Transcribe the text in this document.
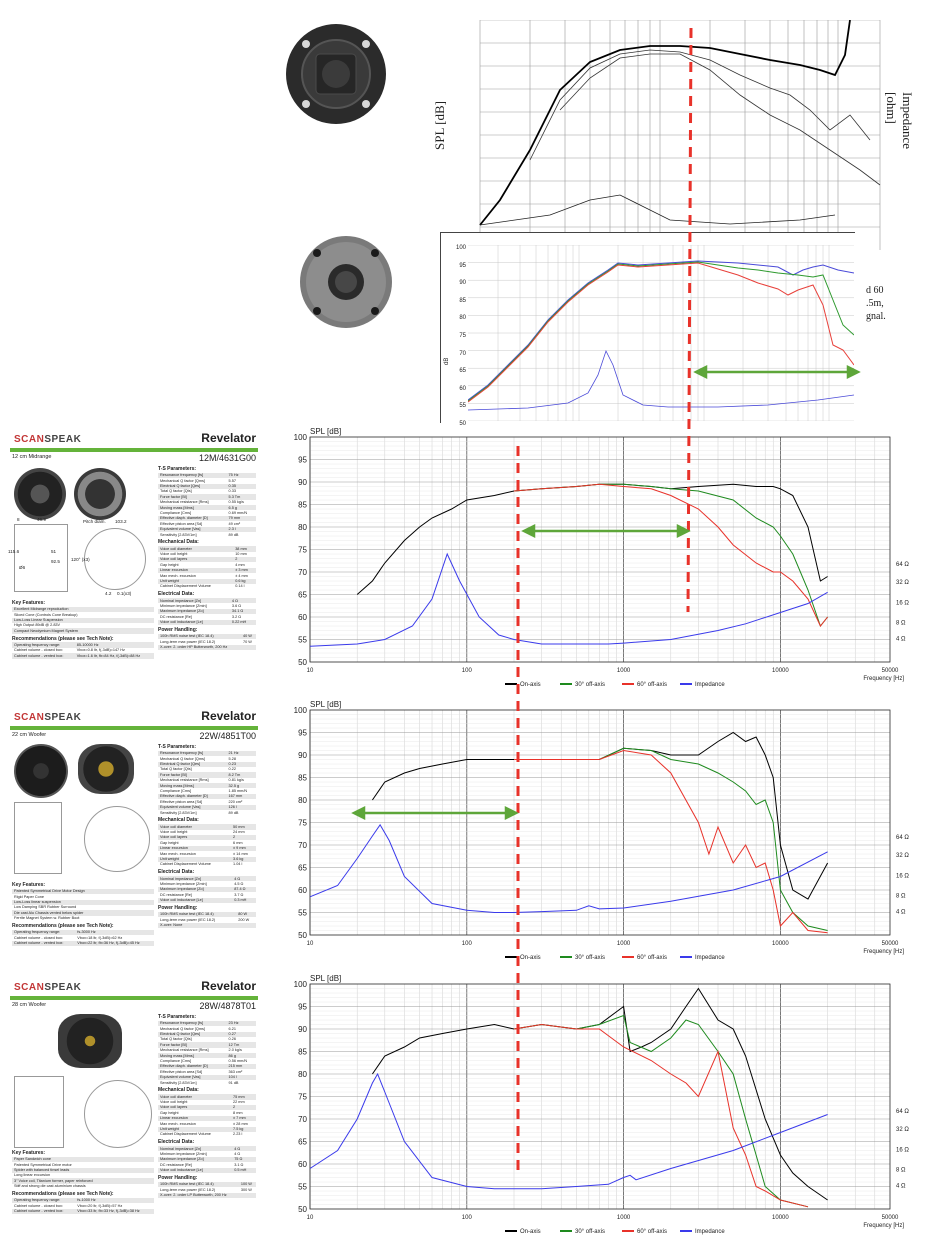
SPL [dB]	Impedance [ohm]
d 60
.5m,
gnal.
100
95
90
85
80
75
70
65
60
55
50
dB
SCANSPEAK	Revelator
12 cm Midrange	12M/4631G00
8	46.9
115.6
Ø6
51
92.5
Pitch diam. 103.2
120° (x3)
4.2 0.1(x3)
Key Features:
Excellent Midrange reproduction
Sliced Cone (Controls Cone Breakup)
Low-Loss Linear Suspension
High Output 89dB @ 2.83V
Compact Neodymium Magnet System
Recommendations (please see Tech Note):
Operating frequency range:	85-10000 Hz
Cabinet volume - closed box:	Vbox=0.8 ltr, f(-3dB)=147 Hz
Cabinet volume - vented box:	Vbox=1.6 ltr, fb=84 Hz, f(-3dB)=88 Hz
T-S Parameters:
Resonance frequency [fs]	75 Hz
Mechanical Q factor [Qms]	5.57
Electrical Q factor [Qes]	0.35
Total Q factor [Qts]	0.33
Force factor [Bl]	5.3 Tm
Mechanical resistance [Rms]	0.55 kg/s
Moving mass [Mms]	6.5 g
Compliance [Cms]	0.69 mm/N
Effective diaph. diameter [D]	79 mm
Effective piston area [Sd]	49 cm²
Equivalent volume [Vas]	2.3 l
Sensitivity [2.83V/1m]	89 dB
Mechanical Data:
Voice coil diameter	38 mm
Voice coil height	10 mm
Voice coil layers	2
Gap height	4 mm
Linear excursion	± 3 mm
Max mech. excursion	± 4 mm
Unit weight	0.6 kg
Cabinet Displacement Volume	0.14 l
Electrical Data:
Nominal impedance [Zn]	4 Ω
Minimum impedance [Zmin]	3.6 Ω
Maximum impedance [Zo]	34.1 Ω
DC resistance [Re]	3.2 Ω
Voice coil inductance [Le]	0.22 mH
Power Handling:
100h RMS noise test (IEC 18.4)	40 W
Long-term max power (IEC 18.2)	70 W
X-over: 2. order HP Butterworth, 200 Hz	
SCANSPEAK	Revelator
22 cm Woofer	22W/4851T00
Key Features:
Patented Symmetrical Drive Motor Design
Rigid Paper Cone
Low-Loss linear suspension
Low Damping SBR Rubber Surround
Die cast Alu Chassis vented below spider
Ferrite Magnet System w. Rubber Boot
Recommendations (please see Tech Note):
Operating frequency range:	fs-3000 Hz
Cabinet volume - closed box:	Vbox=18 ltr, f(-3dB)=62 Hz
Cabinet volume - vented box:	Vbox=22 ltr, fb=36 Hz, f(-3dB)=45 Hz
T-S Parameters:
Resonance frequency [fs]	21 Hz
Mechanical Q factor [Qms]	5.28
Electrical Q factor [Qes]	0.23
Total Q factor [Qts]	0.22
Force factor [Bl]	8.2 Tm
Mechanical resistance [Rms]	0.81 kg/s
Moving mass [Mms]	32.5 g
Compliance [Cms]	1.85 mm/N
Effective diaph. diameter [D]	167 mm
Effective piston area [Sd]	220 cm²
Equivalent volume [Vas]	126 l
Sensitivity [2.83V/1m]	89 dB
Mechanical Data:
Voice coil diameter	50 mm
Voice coil height	24 mm
Voice coil layers	2
Gap height	6 mm
Linear excursion	± 9 mm
Max mech. excursion	± 14 mm
Unit weight	3.6 kg
Cabinet Displacement Volume	1.04 l
Electrical Data:
Nominal impedance [Zn]	4 Ω
Minimum impedance [Zmin]	4.5 Ω
Maximum impedance [Zo]	87.4 Ω
DC resistance [Re]	3.7 Ω
Voice coil inductance [Le]	0.3 mH
Power Handling:
100h RMS noise test (IEC 18.4)	80 W
Long-term max power (IEC 18.2)	200 W
X-over: None	
SCANSPEAK	Revelator
28 cm Woofer	28W/4878T01
Key Features:
Paper Sandwich cone
Patented Symmetrical Drive motor
Spider with balanced tinsel leads
Long linear excursion
3" Voice coil, Titanium former, paper reinforced
Stiff and strong die cast aluminium chassis
Recommendations (please see Tech Note):
Operating frequency range:	fs-1000 Hz
Cabinet volume - closed box:	Vbox=20 ltr, f(-3dB)=57 Hz
Cabinet volume - vented box:	Vbox=33 ltr, fb=33 Hz, f(-3dB)=38 Hz
T-S Parameters:
Resonance frequency [fs]	23 Hz
Mechanical Q factor [Qms]	6.21
Electrical Q factor [Qes]	0.27
Total Q factor [Qts]	0.26
Force factor [Bl]	12 Tm
Mechanical resistance [Rms]	2.0 kg/s
Moving mass [Mms]	86 g
Compliance [Cms]	0.56 mm/N
Effective diaph. diameter [D]	215 mm
Effective piston area [Sd]	363 cm²
Equivalent volume [Vas]	104 l
Sensitivity [2.83V/1m]	91 dB
Mechanical Data:
Voice coil diameter	75 mm
Voice coil height	22 mm
Voice coil layers	2
Gap height	8 mm
Linear excursion	± 7 mm
Max mech. excursion	± 28 mm
Unit weight	7.5 kg
Cabinet Displacement Volume	2.23 l
Electrical Data:
Nominal impedance [Zn]	4 Ω
Minimum impedance [Zmin]	4 Ω
Maximum impedance [Zo]	75 Ω
DC resistance [Re]	3.1 Ω
Voice coil inductance [Le]	0.5 mH
Power Handling:
100h RMS noise test (IEC 18.4)	100 W
Long-term max power (IEC 18.2)	300 W
X-over: 2. order LP Butterworth, 200 Hz	
SPL [dB]
50
55
60
65
70
75
80
85
90
95
100
10	100	1000	10000	50000
4 Ω
8 Ω
16 Ω
32 Ω
64 Ω
Frequency [Hz]
On-axis	30° off-axis	60° off-axis	Impedance
SPL [dB]
50
55
60
65
70
75
80
85
90
95
100
10	100	1000	10000	50000
4 Ω
8 Ω
16 Ω
32 Ω
64 Ω
Frequency [Hz]
On-axis	30° off-axis	60° off-axis	Impedance
SPL [dB]
50
55
60
65
70
75
80
85
90
95
100
10	100	1000	10000	50000
4 Ω
8 Ω
16 Ω
32 Ω
64 Ω
Frequency [Hz]
On-axis	30° off-axis	60° off-axis	Impedance
